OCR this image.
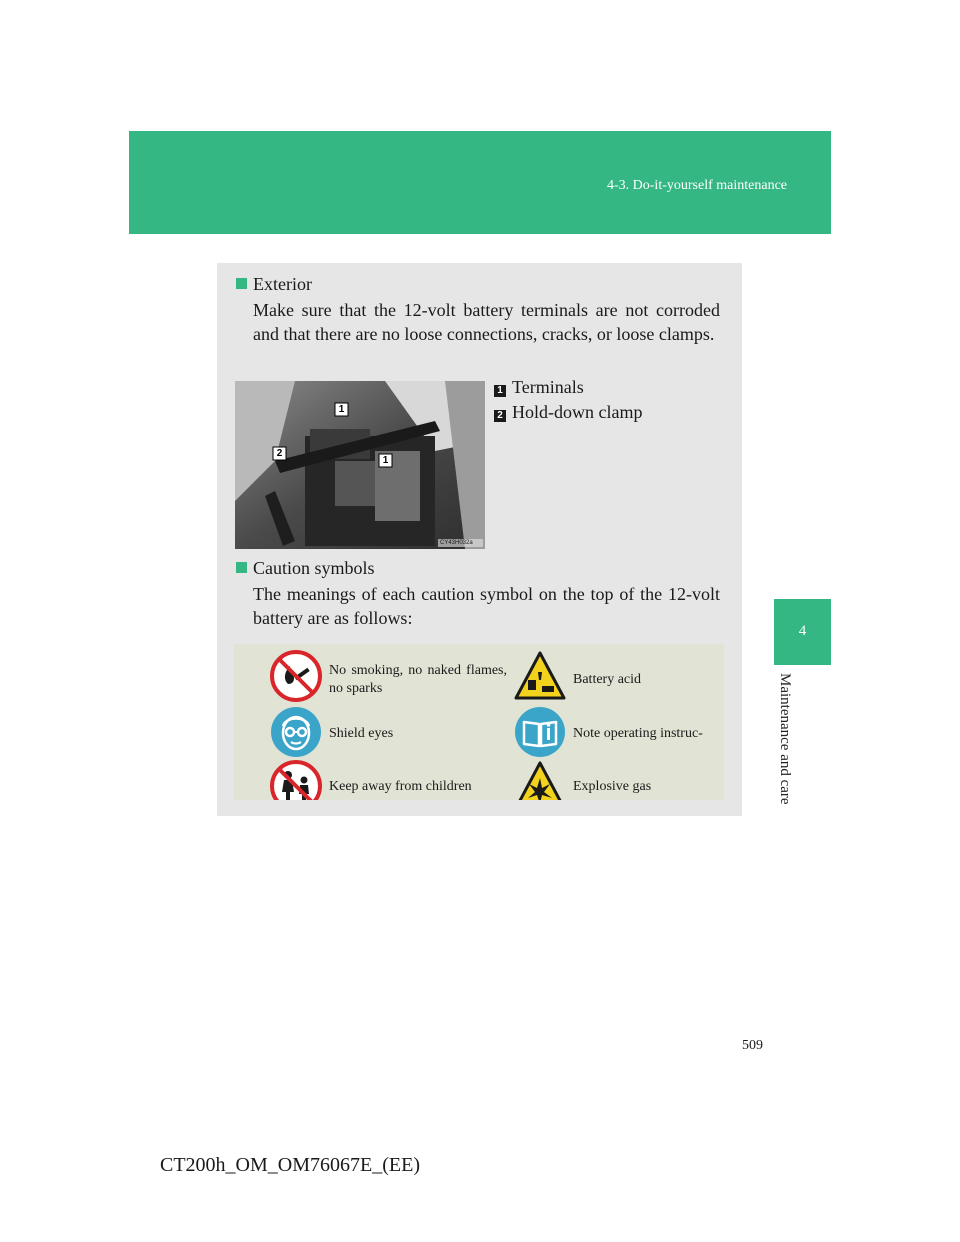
4-3. Do-it-yourself maintenance
4
Maintenance and care
Exterior
Make sure that the 12-volt battery terminals are not corroded and that there are no loose connections, cracks, or loose clamps.
1
1
2
CY43H032a
1 Terminals
2 Hold-down clamp
Caution symbols
The meanings of each caution symbol on the top of the 12-volt battery are as follows:
No smoking, no naked flames, no sparks
Battery acid
Shield eyes	Note operating instruc-
Keep away from children	Explosive gas
509
CT200h_OM_OM76067E_(EE)
